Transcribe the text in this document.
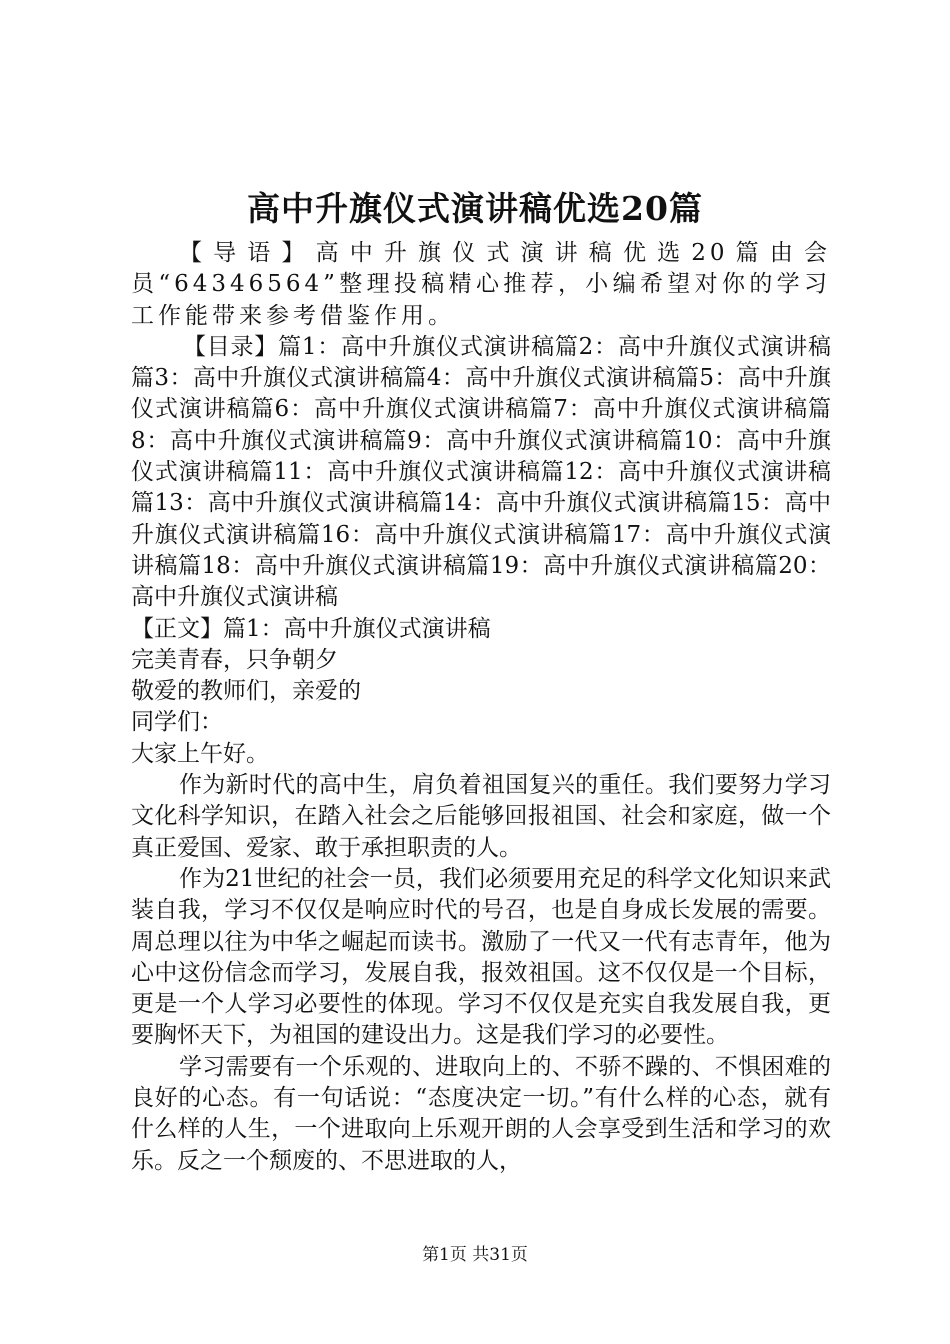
高中升旗仪式演讲稿优选20篇

【导语】高中升旗仪式演讲稿优选20篇由会员“64346564”整理投稿精心推荐，小编希望对你的学习工作能带来参考借鉴作用。

【目录】篇1：高中升旗仪式演讲稿篇2：高中升旗仪式演讲稿篇3：高中升旗仪式演讲稿篇4：高中升旗仪式演讲稿篇5：高中升旗仪式演讲稿篇6：高中升旗仪式演讲稿篇7：高中升旗仪式演讲稿篇8：高中升旗仪式演讲稿篇9：高中升旗仪式演讲稿篇10：高中升旗仪式演讲稿篇11：高中升旗仪式演讲稿篇12：高中升旗仪式演讲稿篇13：高中升旗仪式演讲稿篇14：高中升旗仪式演讲稿篇15：高中升旗仪式演讲稿篇16：高中升旗仪式演讲稿篇17：高中升旗仪式演讲稿篇18：高中升旗仪式演讲稿篇19：高中升旗仪式演讲稿篇20：高中升旗仪式演讲稿

【正文】篇1：高中升旗仪式演讲稿

完美青春，只争朝夕

敬爱的教师们，亲爱的

同学们：

大家上午好。

作为新时代的高中生，肩负着祖国复兴的重任。我们要努力学习文化科学知识，在踏入社会之后能够回报祖国、社会和家庭，做一个真正爱国、爱家、敢于承担职责的人。

作为21世纪的社会一员，我们必须要用充足的科学文化知识来武装自我，学习不仅仅是响应时代的号召，也是自身成长发展的需要。周总理以往为中华之崛起而读书。激励了一代又一代有志青年，他为心中这份信念而学习，发展自我，报效祖国。这不仅仅是一个目标，更是一个人学习必要性的体现。学习不仅仅是充实自我发展自我，更要胸怀天下，为祖国的建设出力。这是我们学习的必要性。

学习需要有一个乐观的、进取向上的、不骄不躁的、不惧困难的良好的心态。有一句话说：“态度决定一切。”有什么样的心态，就有什么样的人生，一个进取向上乐观开朗的人会享受到生活和学习的欢乐。反之一个颓废的、不思进取的人，

第1页 共31页
